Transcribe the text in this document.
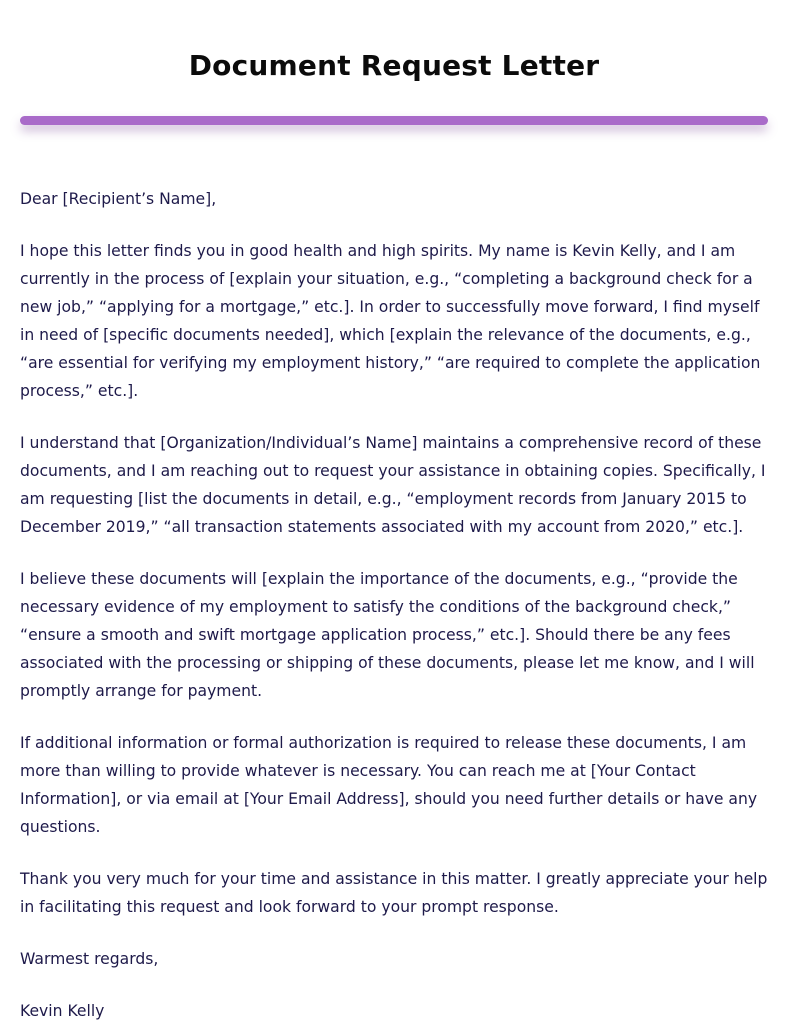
Document Request Letter

Dear [Recipient’s Name],

I hope this letter finds you in good health and high spirits. My name is Kevin Kelly, and I am currently in the process of [explain your situation, e.g., “completing a background check for a new job,” “applying for a mortgage,” etc.]. In order to successfully move forward, I find myself in need of [specific documents needed], which [explain the relevance of the documents, e.g., “are essential for verifying my employment history,” “are required to complete the application process,” etc.].

I understand that [Organization/Individual’s Name] maintains a comprehensive record of these documents, and I am reaching out to request your assistance in obtaining copies. Specifically, I am requesting [list the documents in detail, e.g., “employment records from January 2015 to December 2019,” “all transaction statements associated with my account from 2020,” etc.].

I believe these documents will [explain the importance of the documents, e.g., “provide the necessary evidence of my employment to satisfy the conditions of the background check,” “ensure a smooth and swift mortgage application process,” etc.]. Should there be any fees associated with the processing or shipping of these documents, please let me know, and I will promptly arrange for payment.

If additional information or formal authorization is required to release these documents, I am more than willing to provide whatever is necessary. You can reach me at [Your Contact Information], or via email at [Your Email Address], should you need further details or have any questions.

Thank you very much for your time and assistance in this matter. I greatly appreciate your help in facilitating this request and look forward to your prompt response.

Warmest regards,

Kevin Kelly
